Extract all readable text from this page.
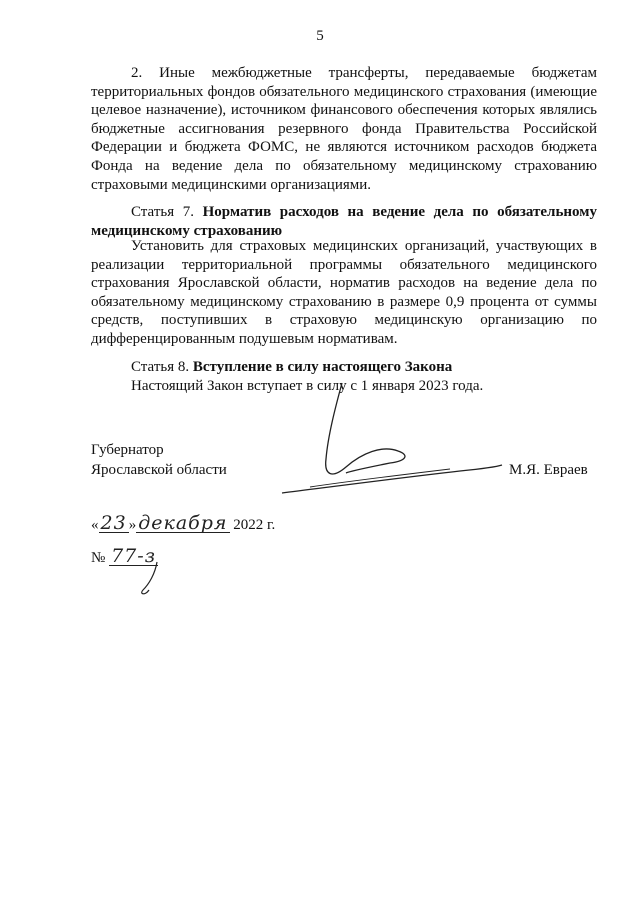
5

2. Иные межбюджетные трансферты, передаваемые бюджетам территориальных фондов обязательного медицинского страхования (имеющие целевое назначение), источником финансового обеспечения которых являлись бюджетные ассигнования резервного фонда Правительства Российской Федерации и бюджета ФОМС, не являются источником расходов бюджета Фонда на ведение дела по обязательному медицинскому страхованию страховыми медицинскими организациями.

Статья 7. Норматив расходов на ведение дела по обязательному медицинскому страхованию

Установить для страховых медицинских организаций, участвующих в реализации территориальной программы обязательного медицинского страхования Ярославской области, норматив расходов на ведение дела по обязательному медицинскому страхованию в размере 0,9 процента от суммы средств, поступивших в страховую медицинскую организацию по дифференцированным подушевым нормативам.

Статья 8. Вступление в силу настоящего Закона

Настоящий Закон вступает в силу с 1 января 2023 года.

Губернатор
Ярославской области	М.Я. Евраев
« 23 » декабря 2022 г.
№ 77-з
